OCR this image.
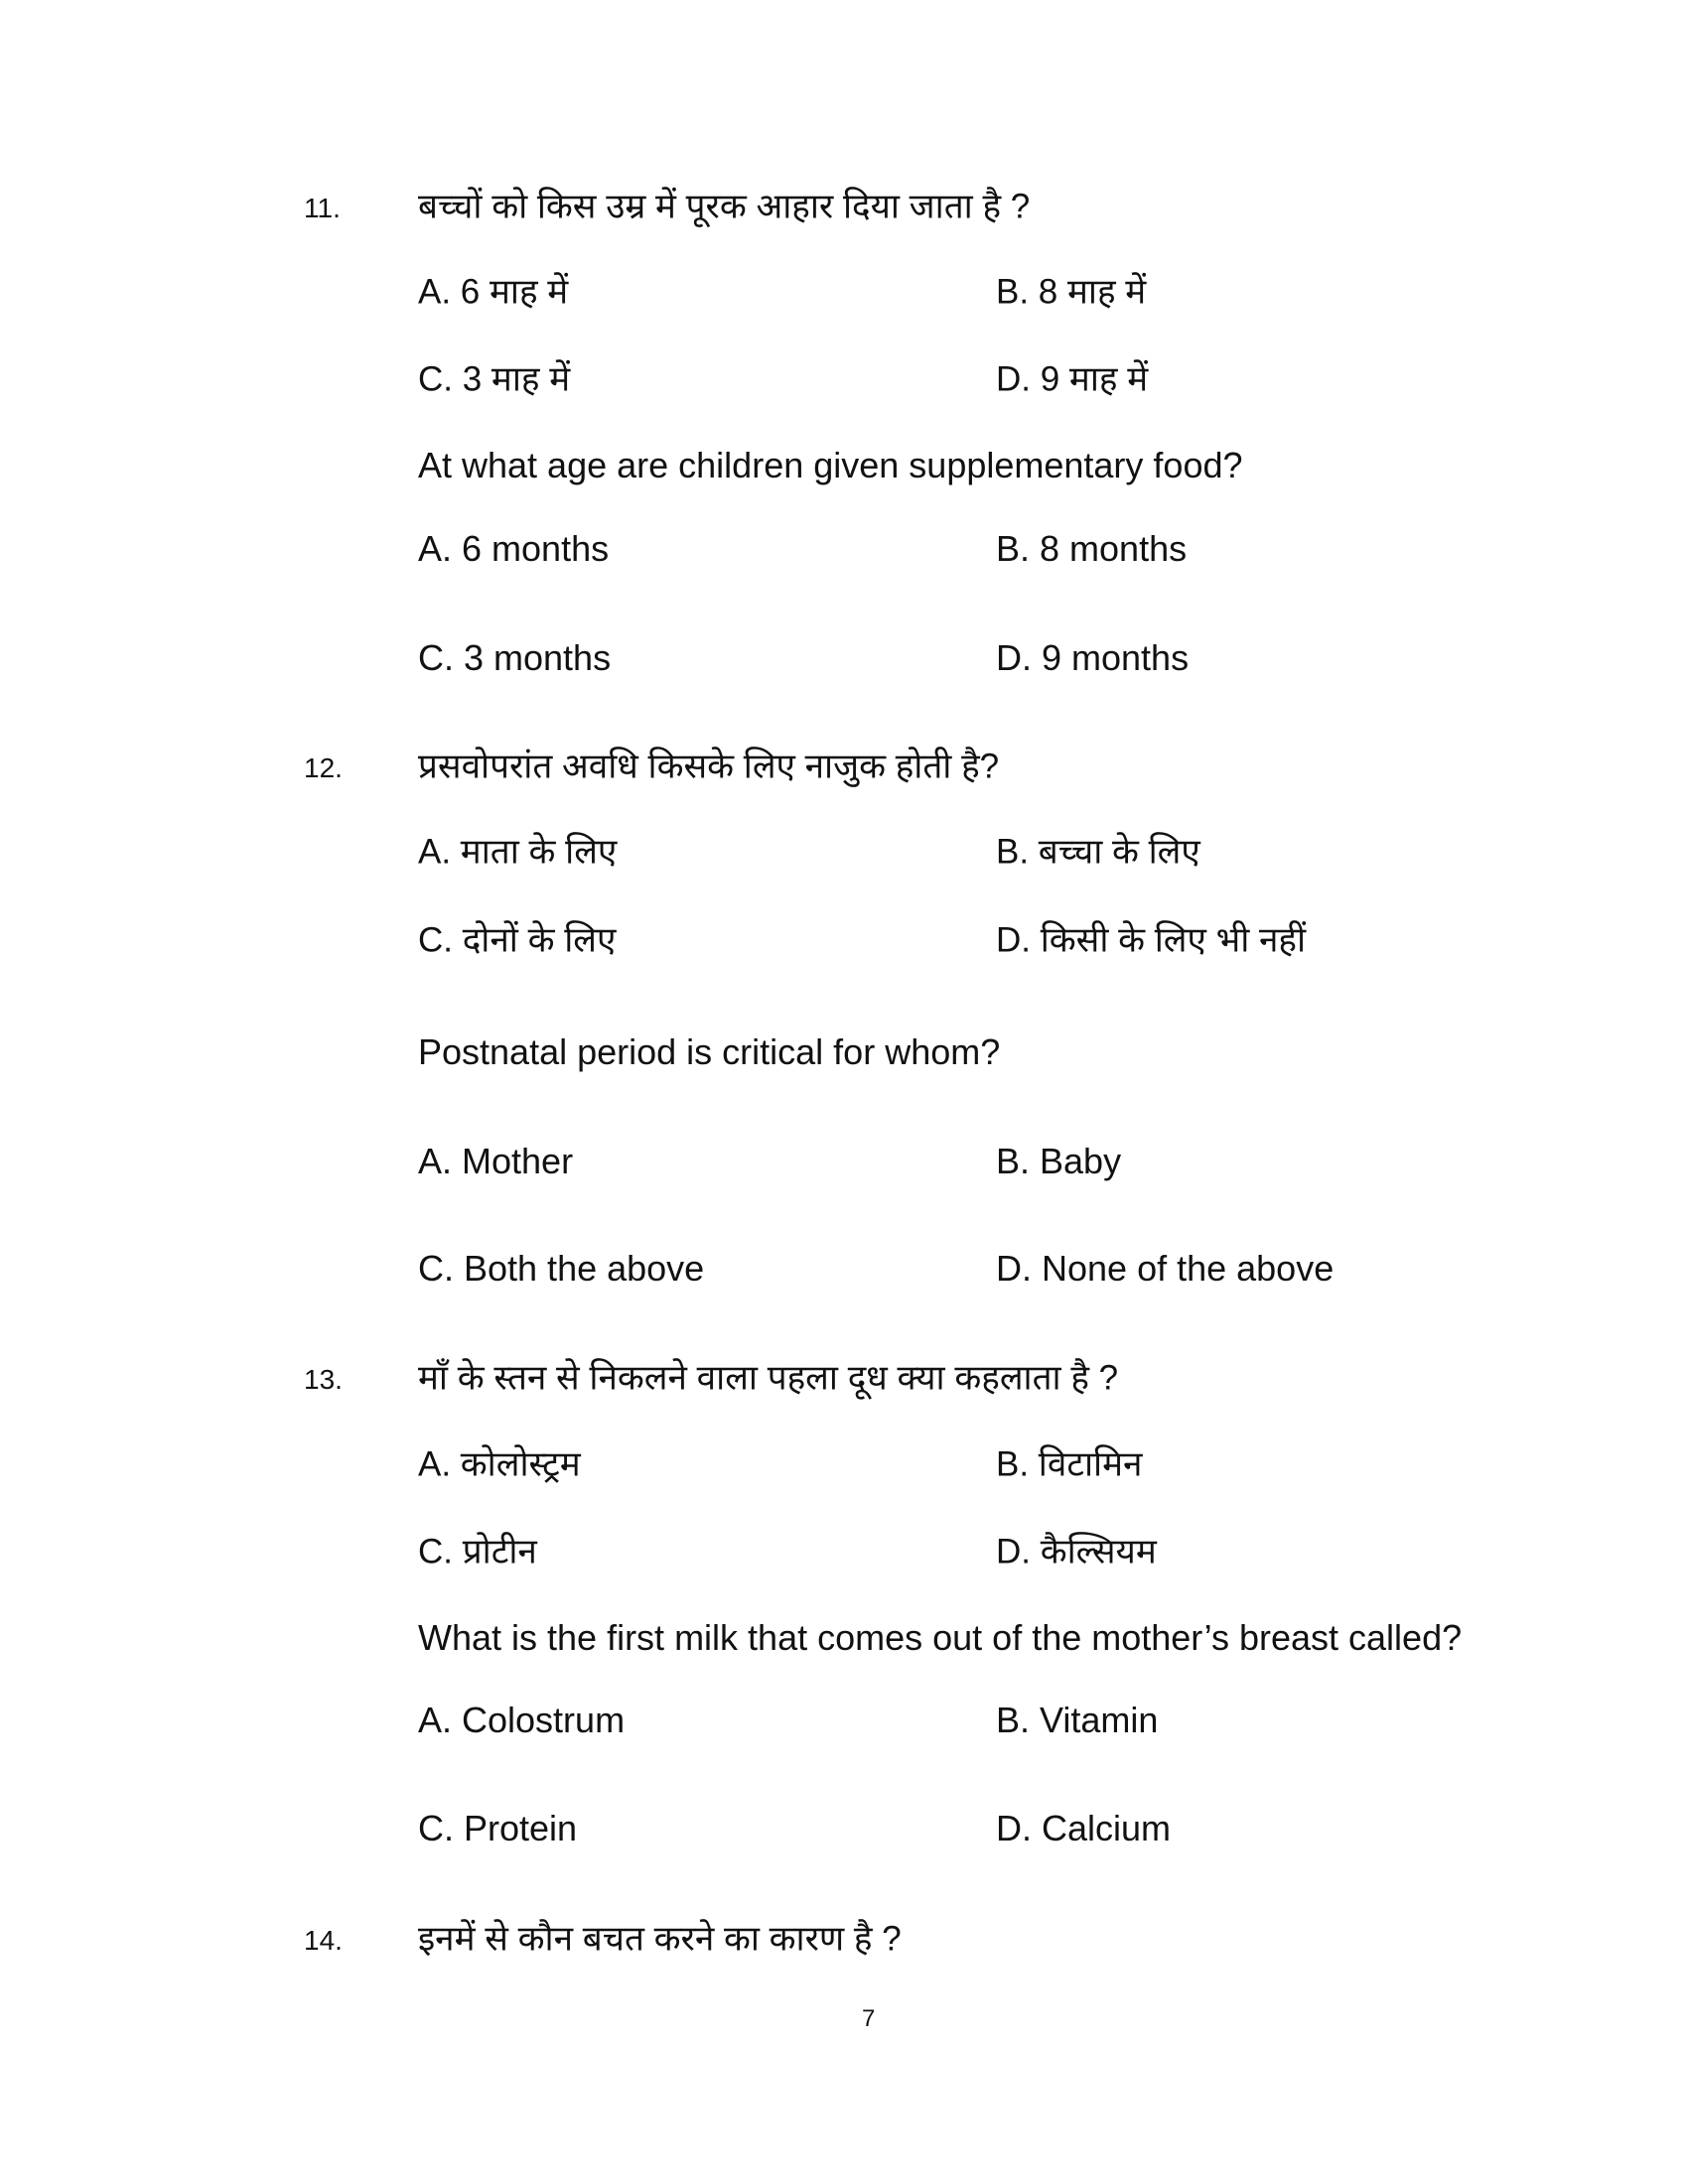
11. बच्चों को किस उम्र में पूरक आहार दिया जाता है ?
A. 6 माह में	B. 8 माह में
C. 3 माह में	D. 9 माह में
At what age are children given supplementary food?
A. 6 months	B. 8 months
C. 3 months	D. 9 months
12. प्रसवोपरांत अवधि किसके लिए नाजुक होती है?
A. माता के लिए	B. बच्चा के लिए
C. दोनों के लिए	D. किसी के लिए भी नहीं
Postnatal period is critical for whom?
A. Mother	B. Baby
C. Both the above	D. None of the above
13. माँ के स्तन से निकलने वाला पहला दूध क्या कहलाता है ?
A. कोलोस्ट्रम	B. विटामिन
C. प्रोटीन	D. कैल्सियम
What is the first milk that comes out of the mother’s breast called?
A. Colostrum	B. Vitamin
C. Protein	D. Calcium
14. इनमें से कौन बचत करने का कारण है ?
7
